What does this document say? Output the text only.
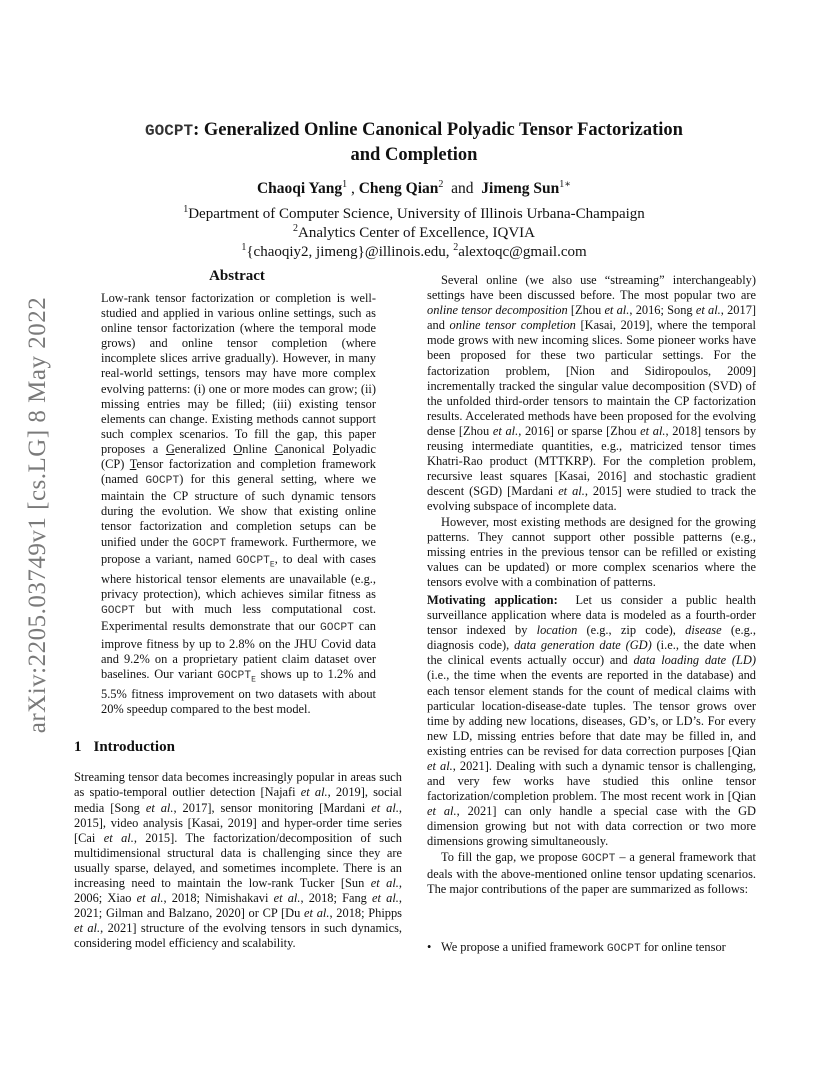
arXiv:2205.03749v1 [cs.LG] 8 May 2022
GOCPT: Generalized Online Canonical Polyadic Tensor Factorization
and Completion
Chaoqi Yang$^1$ , Cheng Qian$^2$  and  Jimeng Sun$^{1∗}$
$^1$Department of Computer Science, University of Illinois Urbana-Champaign
$^2$Analytics Center of Excellence, IQVIA
$^1${chaoqiy2, jimeng}@illinois.edu, $^2$alextoqc@gmail.com
Abstract

Low-rank tensor factorization or completion is well-studied and applied in various online settings, such as online tensor factorization (where the temporal mode grows) and online tensor completion (where incomplete slices arrive gradually). However, in many real-world settings, tensors may have more complex evolving patterns: (i) one or more modes can grow; (ii) missing entries may be filled; (iii) existing tensor elements can change. Existing methods cannot support such complex scenarios. To fill the gap, this paper proposes a Generalized Online Canonical Polyadic (CP) Tensor factorization and completion framework (named GOCPT) for this general setting, where we maintain the CP structure of such dynamic tensors during the evolution. We show that existing online tensor factorization and completion setups can be unified under the GOCPT framework. Furthermore, we propose a variant, named $GOCPT_E$, to deal with cases where historical tensor elements are unavailable (e.g., privacy protection), which achieves similar fitness as GOCPT but with much less computational cost. Experimental results demonstrate that our GOCPT can improve fitness by up to 2.8% on the JHU Covid data and 9.2% on a proprietary patient claim dataset over baselines. Our variant $GOCPT_E$ shows up to 1.2% and 5.5% fitness improvement on two datasets with about 20% speedup compared to the best model.

1 Introduction

Streaming tensor data becomes increasingly popular in areas such as spatio-temporal outlier detection [Najafi et al., 2019], social media [Song et al., 2017], sensor monitoring [Mardani et al., 2015], video analysis [Kasai, 2019] and hyper-order time series [Cai et al., 2015]. The factorization/decomposition of such multidimensional structural data is challenging since they are usually sparse, delayed, and sometimes incomplete. There is an increasing need to maintain the low-rank Tucker [Sun et al., 2006; Xiao et al., 2018; Nimishakavi et al., 2018; Fang et al., 2021; Gilman and Balzano, 2020] or CP [Du et al., 2018; Phipps et al., 2021] structure of the evolving tensors in such dynamics, considering model efficiency and scalability.

Several online (we also use “streaming” interchangeably) settings have been discussed before. The most popular two are online tensor decomposition [Zhou et al., 2016; Song et al., 2017] and online tensor completion [Kasai, 2019], where the temporal mode grows with new incoming slices. Some pioneer works have been proposed for these two particular settings. For the factorization problem, [Nion and Sidiropoulos, 2009] incrementally tracked the singular value decomposition (SVD) of the unfolded third-order tensors to maintain the CP factorization results. Accelerated methods have been proposed for the evolving dense [Zhou et al., 2016] or sparse [Zhou et al., 2018] tensors by reusing intermediate quantities, e.g., matricized tensor times Khatri-Rao product (MTTKRP). For the completion problem, recursive least squares [Kasai, 2016] and stochastic gradient descent (SGD) [Mardani et al., 2015] were studied to track the evolving subspace of incomplete data.

However, most existing methods are designed for the growing patterns. They cannot support other possible patterns (e.g., missing entries in the previous tensor can be refilled or existing values can be updated) or more complex scenarios where the tensors evolve with a combination of patterns.

Motivating application:  Let us consider a public health surveillance application where data is modeled as a fourth-order tensor indexed by location (e.g., zip code), disease (e.g., diagnosis code), data generation date (GD) (i.e., the date when the clinical events actually occur) and data loading date (LD) (i.e., the time when the events are reported in the database) and each tensor element stands for the count of medical claims with particular location-disease-date tuples. The tensor grows over time by adding new locations, diseases, GD’s, or LD’s. For every new LD, missing entries before that date may be filled in, and existing entries can be revised for data correction purposes [Qian et al., 2021]. Dealing with such a dynamic tensor is challenging, and very few works have studied this online tensor factorization/completion problem. The most recent work in [Qian et al., 2021] can only handle a special case with the GD dimension growing but not with data correction or two more dimensions growing simultaneously.

To fill the gap, we propose GOCPT – a general framework that deals with the above-mentioned online tensor updating scenarios. The major contributions of the paper are summarized as follows:

• We propose a unified framework GOCPT for online tensor
